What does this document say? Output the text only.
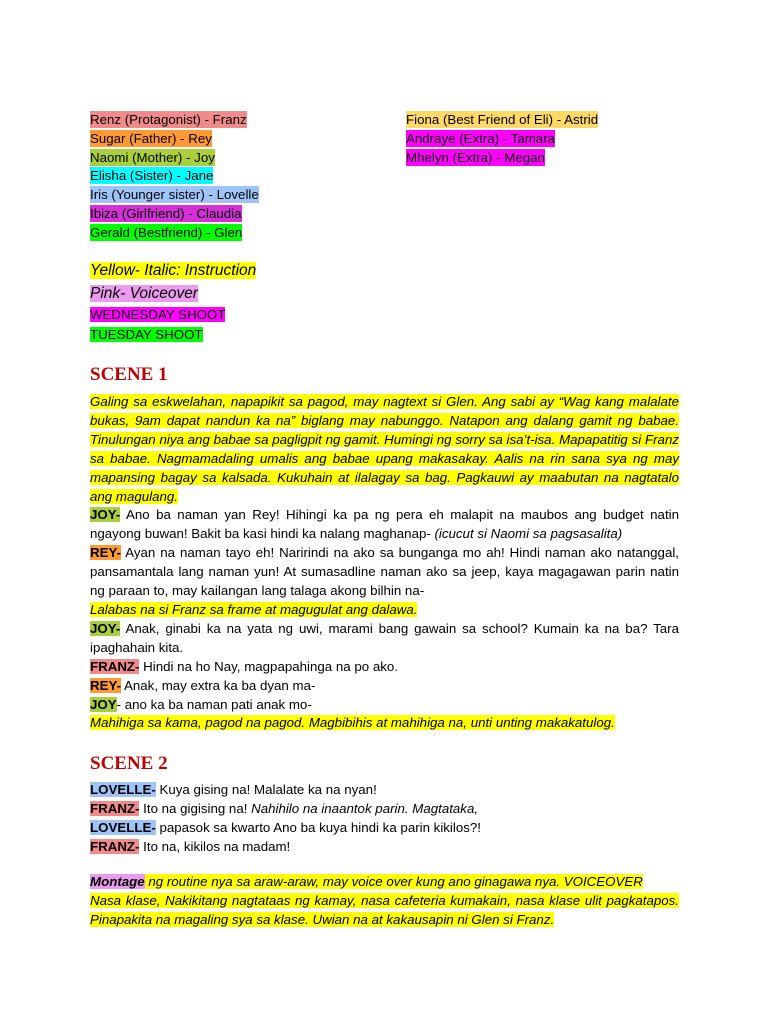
Renz (Protagonist) - Franz
Sugar (Father) - Rey
Naomi (Mother) - Joy
Elisha (Sister) - Jane
Iris (Younger sister) - Lovelle
Ibiza (Girlfriend) - Claudia
Gerald (Bestfriend) - Glen
Fiona (Best Friend of Eli) - Astrid
Andraye (Extra) - Tamara
Mhelyn (Extra) - Megan
Yellow- Italic: Instruction
Pink- Voiceover
WEDNESDAY SHOOT
TUESDAY SHOOT
SCENE 1

Galing sa eskwelahan, napapikit sa pagod, may nagtext si Glen. Ang sabi ay “Wag kang malalate bukas, 9am dapat nandun ka na” biglang may nabunggo. Natapon ang dalang gamit ng babae. Tinulungan niya ang babae sa pagligpit ng gamit. Humingi ng sorry sa isa’t-isa. Mapapatitig si Franz sa babae. Nagmamadaling umalis ang babae upang makasakay. Aalis na rin sana sya ng may mapansing bagay sa kalsada. Kukuhain at ilalagay sa bag. Pagkauwi ay maabutan na nagtatalo ang magulang.

JOY- Ano ba naman yan Rey! Hihingi ka pa ng pera eh malapit na maubos ang budget natin ngayong buwan! Bakit ba kasi hindi ka nalang maghanap- (icucut si Naomi sa pagsasalita)

REY- Ayan na naman tayo eh! Naririndi na ako sa bunganga mo ah! Hindi naman ako natanggal, pansamantala lang naman yun! At sumasadline naman ako sa jeep, kaya magagawan parin natin ng paraan to, may kailangan lang talaga akong bilhin na-

Lalabas na si Franz sa frame at magugulat ang dalawa.

JOY- Anak, ginabi ka na yata ng uwi, marami bang gawain sa school? Kumain ka na ba? Tara ipaghahain kita.

FRANZ- Hindi na ho Nay, magpapahinga na po ako.

REY- Anak, may extra ka ba dyan ma-

JOY- ano ka ba naman pati anak mo-

Mahihiga sa kama, pagod na pagod. Magbibihis at mahihiga na, unti unting makakatulog.

SCENE 2

LOVELLE- Kuya gising na! Malalate ka na nyan!

FRANZ- Ito na gigising na! Nahihilo na inaantok parin. Magtataka,

LOVELLE- papasok sa kwarto Ano ba kuya hindi ka parin kikilos?!

FRANZ- Ito na, kikilos na madam!

Montage ng routine nya sa araw-araw, may voice over kung ano ginagawa nya. VOICEOVER

Nasa klase, Nakikitang nagtataas ng kamay, nasa cafeteria kumakain, nasa klase ulit pagkatapos. Pinapakita na magaling sya sa klase. Uwian na at kakausapin ni Glen si Franz.
